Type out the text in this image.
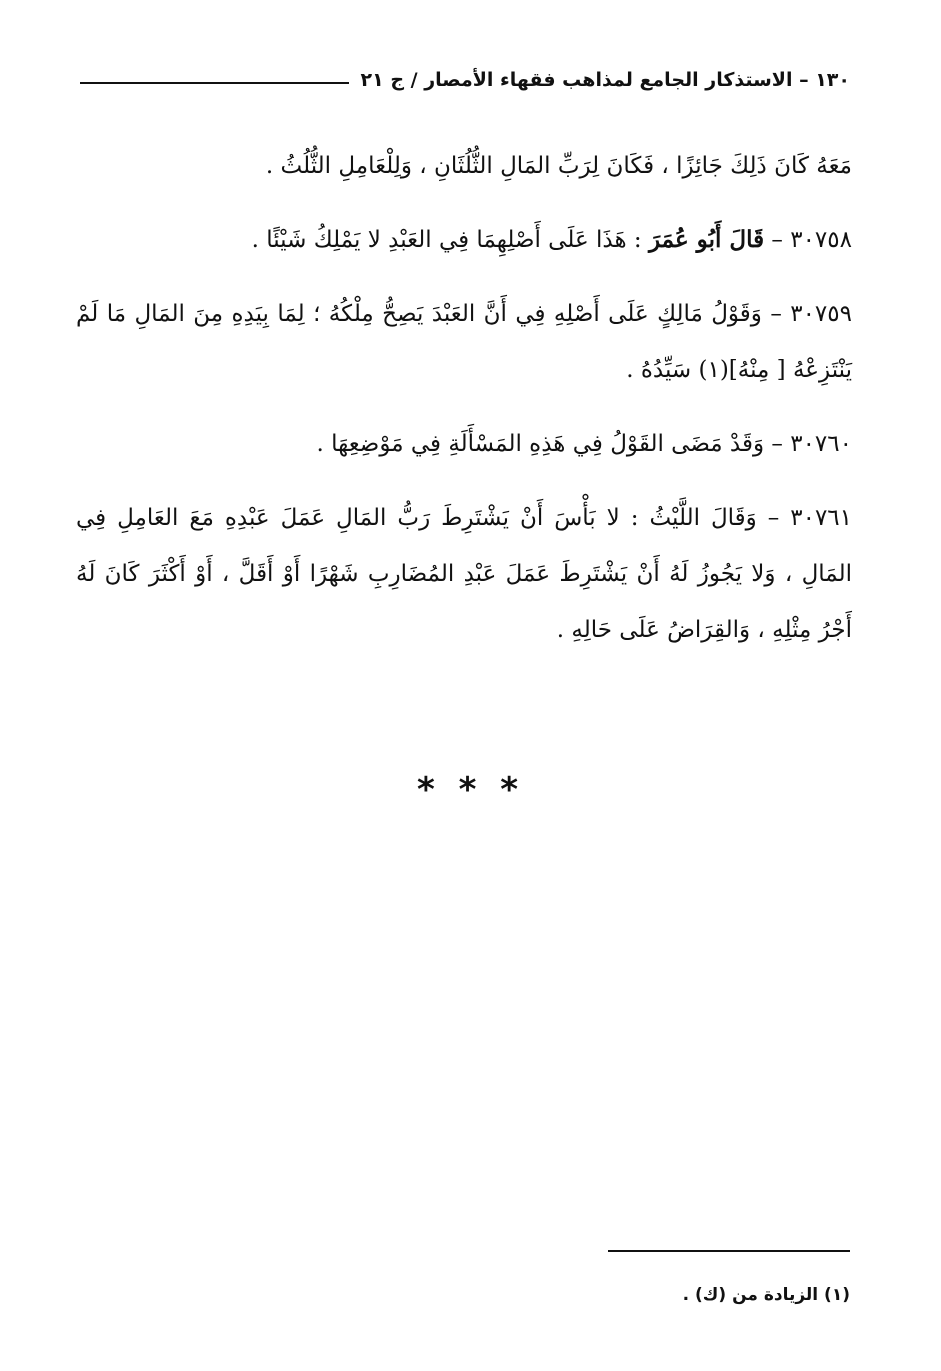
١٣٠ – الاستذكار الجامع لمذاهب فقهاء الأمصار / ج ٢١

مَعَهُ كَانَ ذَلِكَ جَائِزًا ، فَكَانَ لِرَبِّ المَالِ الثُّلُثَانِ ، وَلِلْعَامِلِ الثُّلُثُ .

٣٠٧٥٨ – قَالَ أَبُو عُمَرَ : هَذَا عَلَى أَصْلِهِمَا فِي العَبْدِ لا يَمْلِكُ شَيْئًا .

٣٠٧٥٩ – وَقَوْلُ مَالِكٍ عَلَى أَصْلِهِ فِي أَنَّ العَبْدَ يَصِحُّ مِلْكُهُ ؛ لِمَا بِيَدِهِ مِنَ المَالِ مَا لَمْ يَنْتَزِعْهُ [ مِنْهُ](١) سَيِّدُهُ .

٣٠٧٦٠ – وَقَدْ مَضَى القَوْلُ فِي هَذِهِ المَسْأَلَةِ فِي مَوْضِعِهَا .

٣٠٧٦١ – وَقَالَ اللَّيْثُ : لا بَأْسَ أَنْ يَشْتَرِطَ رَبُّ المَالِ عَمَلَ عَبْدِهِ مَعَ العَامِلِ فِي المَالِ ، وَلا يَجُوزُ لَهُ أَنْ يَشْتَرِطَ عَمَلَ عَبْدِ المُضَارِبِ شَهْرًا أَوْ أَقَلَّ ، أَوْ أَكْثَرَ كَانَ لَهُ أَجْرُ مِثْلِهِ ، وَالقِرَاضُ عَلَى حَالِهِ .

* * *
(١) الزيادة من (ك) .
